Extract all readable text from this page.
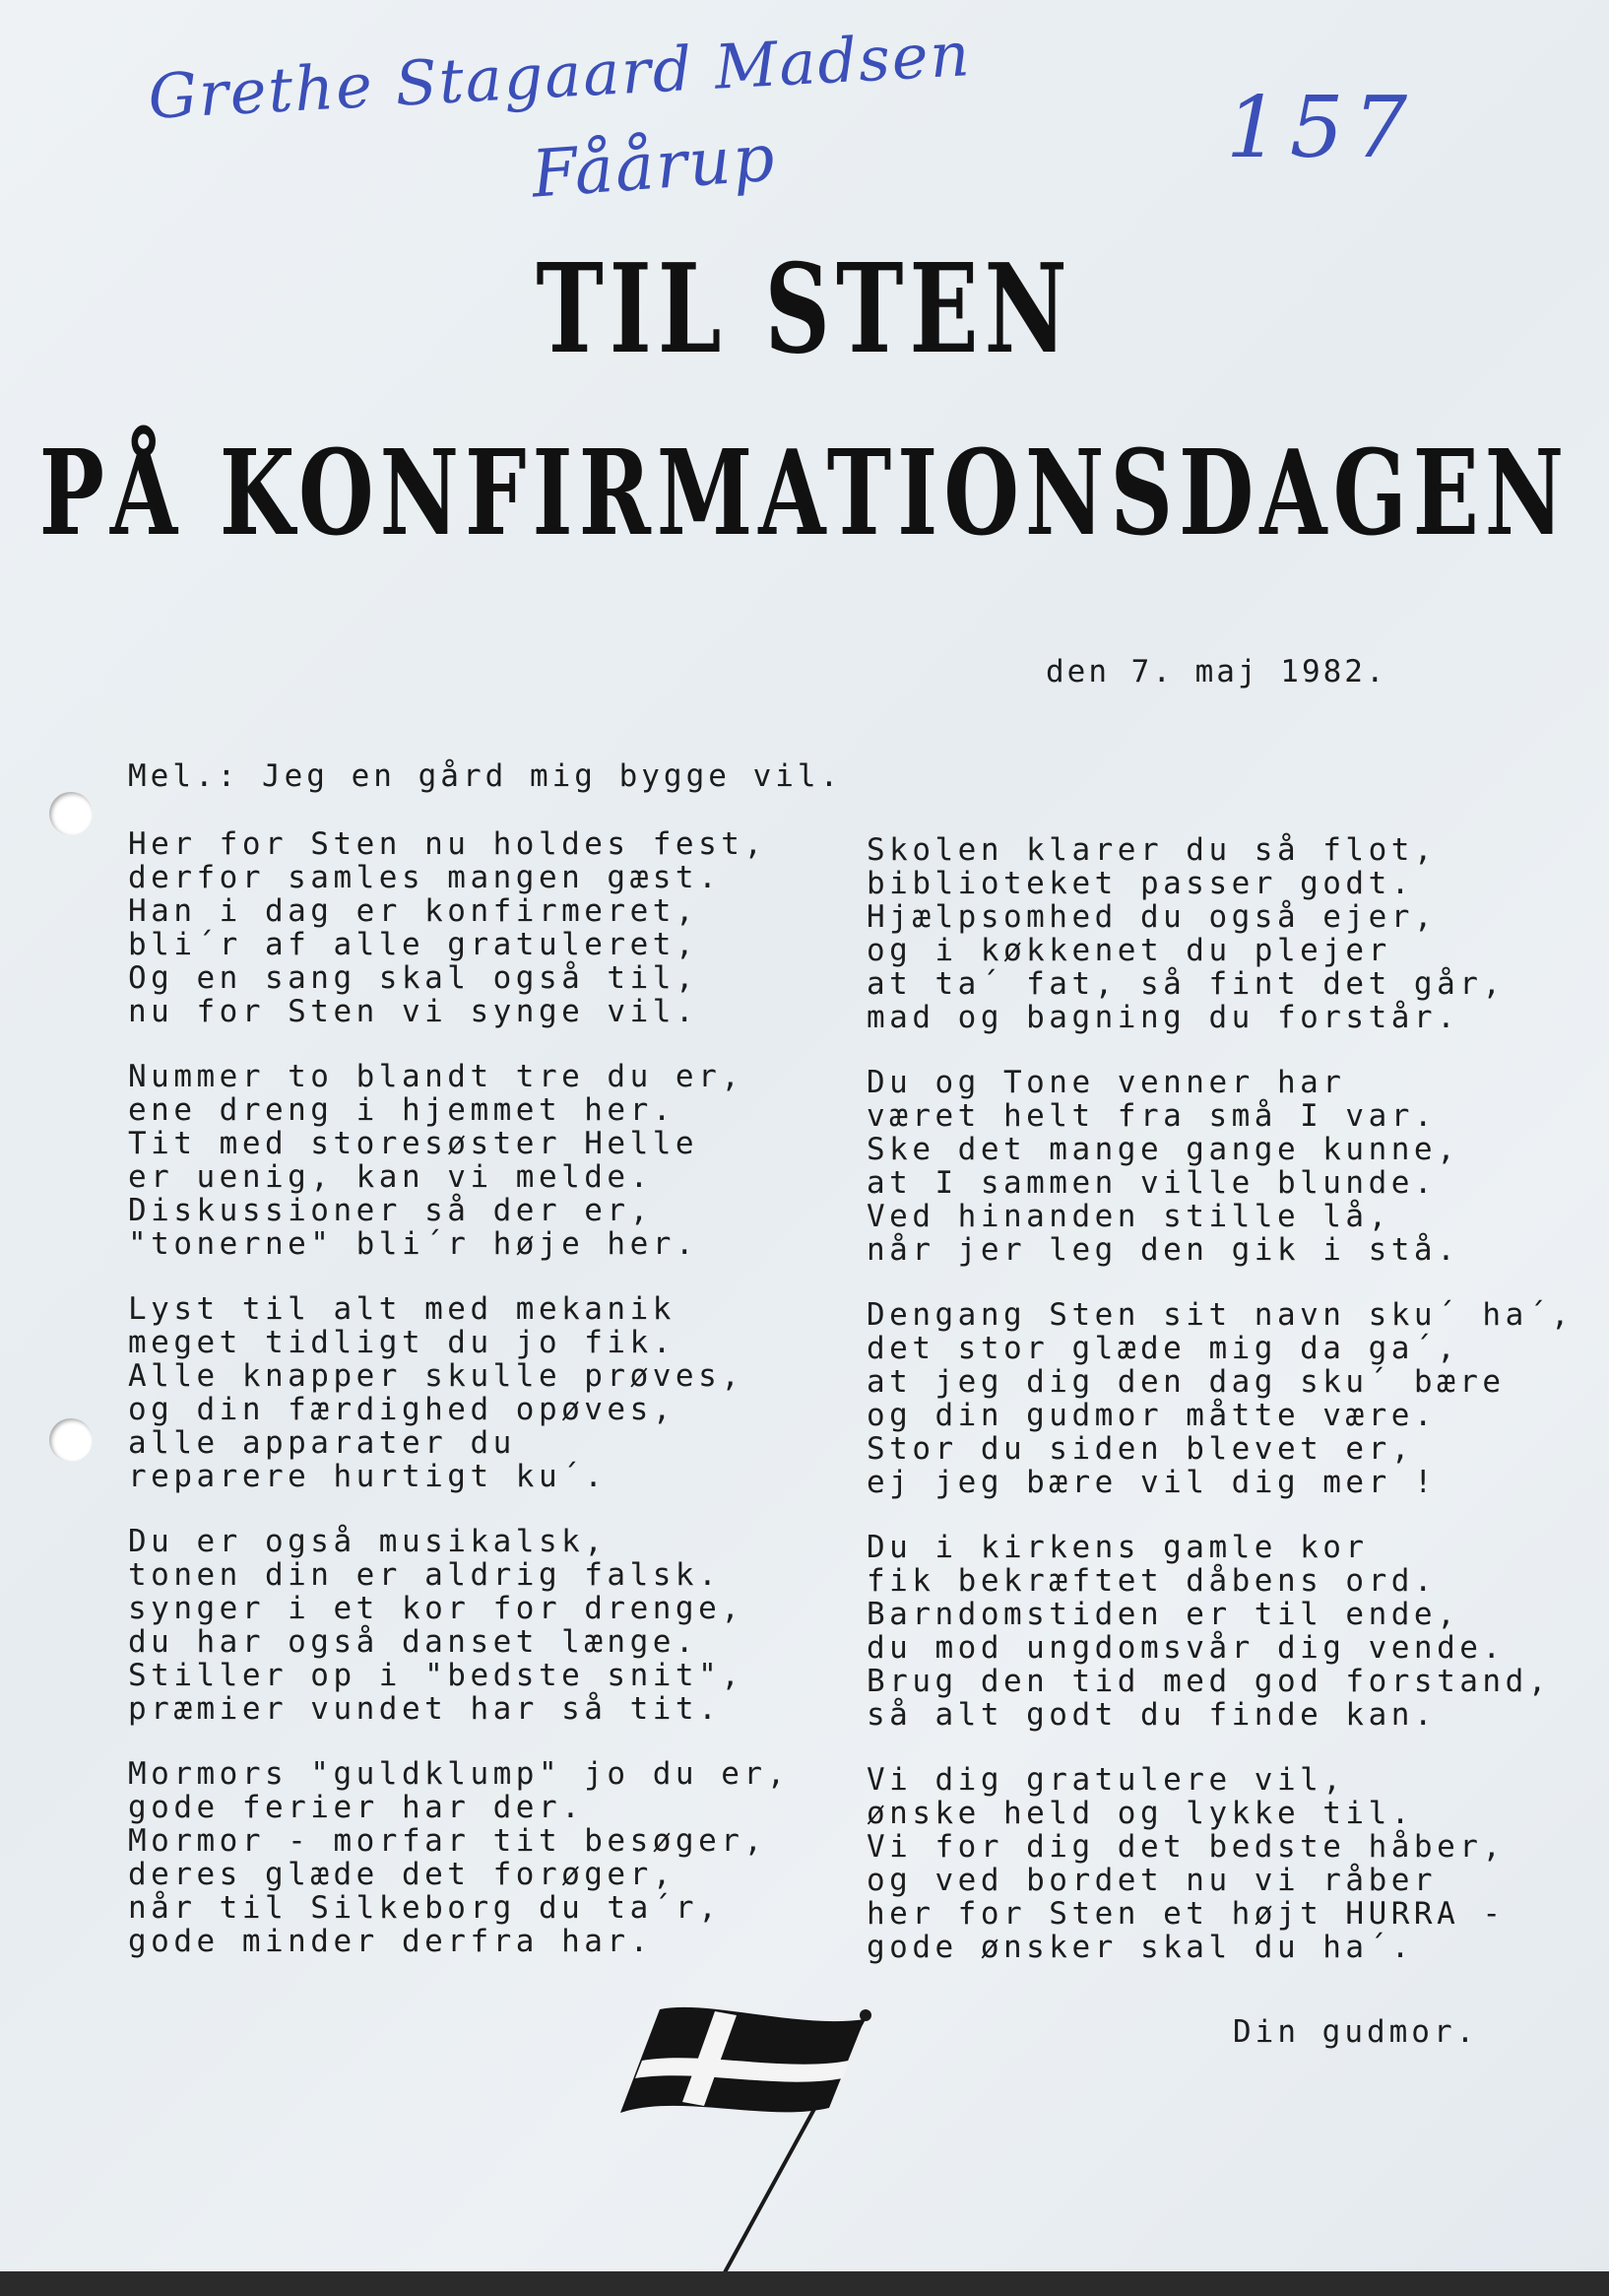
Grethe Stagaard Madsen
Fåårup	157
TIL STEN
PÅ KONFIRMATIONSDAGEN
den 7. maj 1982.
Mel.: Jeg en gård mig bygge vil.
Her for Sten nu holdes fest,
derfor samles mangen gæst.
Han i dag er konfirmeret,
bli´r af alle gratuleret,
Og en sang skal også til,
nu for Sten vi synge vil.
Nummer to blandt tre du er,
ene dreng i hjemmet her.
Tit med storesøster Helle
er uenig, kan vi melde.
Diskussioner så der er,
"tonerne" bli´r høje her.
Lyst til alt med mekanik
meget tidligt du jo fik.
Alle knapper skulle prøves,
og din færdighed opøves,
alle apparater du
reparere hurtigt ku´.
Du er også musikalsk,
tonen din er aldrig falsk.
synger i et kor for drenge,
du har også danset længe.
Stiller op i "bedste snit",
præmier vundet har så tit.
Mormors "guldklump" jo du er,
gode ferier har der.
Mormor - morfar tit besøger,
deres glæde det forøger,
når til Silkeborg du ta´r,
gode minder derfra har.
Skolen klarer du så flot,
biblioteket passer godt.
Hjælpsomhed du også ejer,
og i køkkenet du plejer
at ta´ fat, så fint det går,
mad og bagning du forstår.
Du og Tone venner har
været helt fra små I var.
Ske det mange gange kunne,
at I sammen ville blunde.
Ved hinanden stille lå,
når jer leg den gik i stå.
Dengang Sten sit navn sku´ ha´,
det stor glæde mig da ga´,
at jeg dig den dag sku´ bære
og din gudmor måtte være.
Stor du siden blevet er,
ej jeg bære vil dig mer !
Du i kirkens gamle kor
fik bekræftet dåbens ord.
Barndomstiden er til ende,
du mod ungdomsvår dig vende.
Brug den tid med god forstand,
så alt godt du finde kan.
Vi dig gratulere vil,
ønske held og lykke til.
Vi for dig det bedste håber,
og ved bordet nu vi råber
her for Sten et højt HURRA -
gode ønsker skal du ha´.
Din gudmor.
